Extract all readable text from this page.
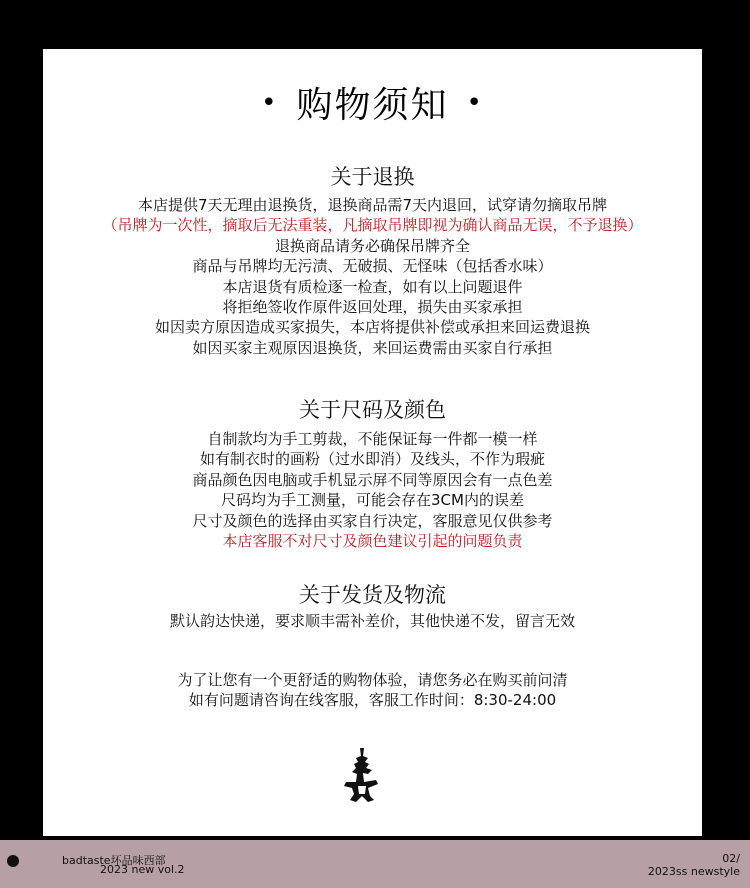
• 购物须知 •
关于退换
本店提供7天无理由退换货，退换商品需7天内退回，试穿请勿摘取吊牌
（吊牌为一次性，摘取后无法重装，凡摘取吊牌即视为确认商品无误，不予退换）
退换商品请务必确保吊牌齐全
商品与吊牌均无污渍、无破损、无怪味（包括香水味）
本店退货有质检逐一检查，如有以上问题退件
将拒绝签收作原件返回处理，损失由买家承担
如因卖方原因造成买家损失，本店将提供补偿或承担来回运费退换
如因买家主观原因退换货，来回运费需由买家自行承担
关于尺码及颜色
自制款均为手工剪裁，不能保证每一件都一模一样
如有制衣时的画粉（过水即消）及线头，不作为瑕疵
商品颜色因电脑或手机显示屏不同等原因会有一点色差
尺码均为手工测量，可能会存在3CM内的误差
尺寸及颜色的选择由买家自行决定，客服意见仅供参考
本店客服不对尺寸及颜色建议引起的问题负责
关于发货及物流
默认韵达快递，要求顺丰需补差价，其他快递不发，留言无效
为了让您有一个更舒适的购物体验，请您务必在购买前问清
如有问题请咨询在线客服，客服工作时间：8:30-24:00
badtaste坏品味西部
2023 new vol.2
02/
2023ss newstyle
